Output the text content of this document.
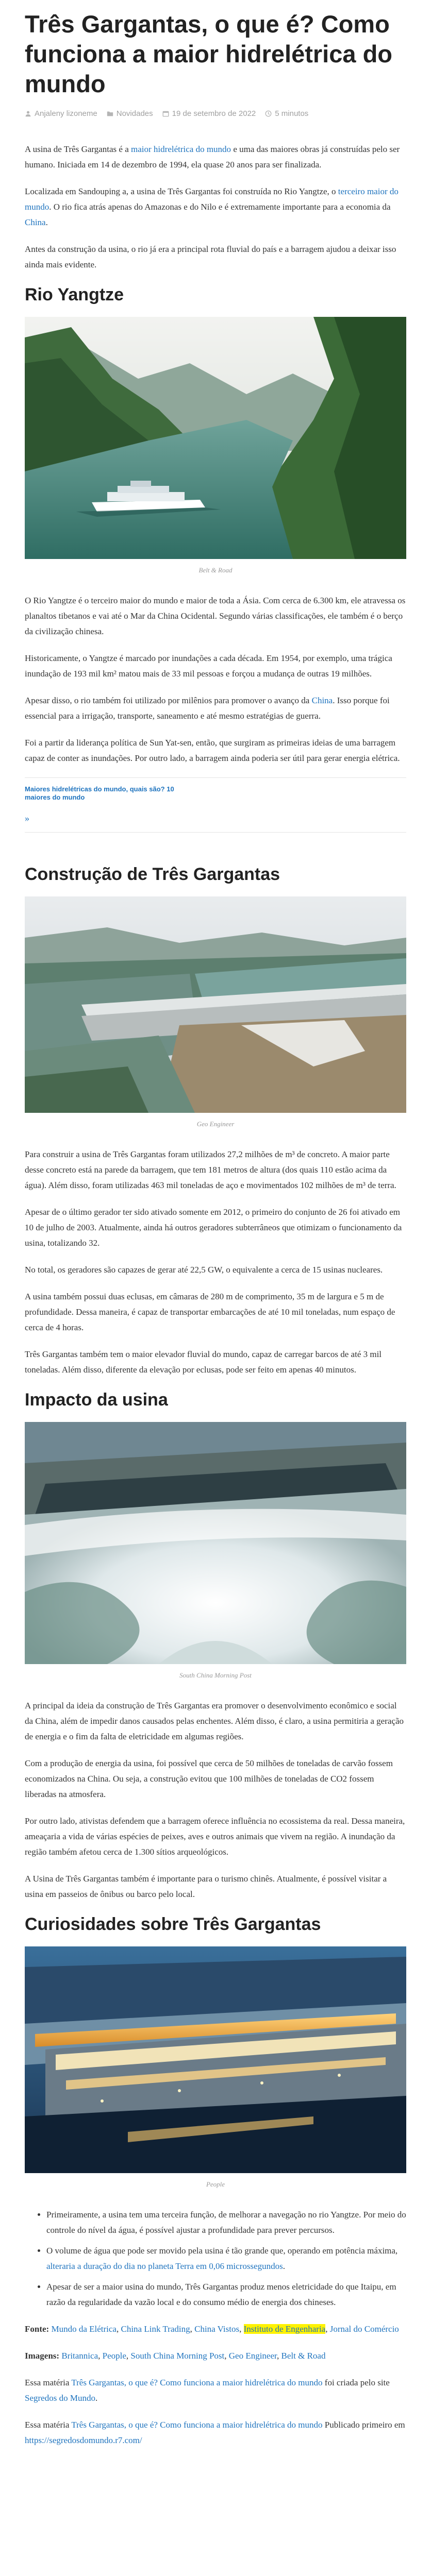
Três Gargantas, o que é? Como funciona a maior hidrelétrica do mundo
Anjaleny lizoneme Novidades 19 de setembro de 2022 5 minutos

A usina de Três Gargantas é a maior hidrelétrica do mundo e uma das maiores obras já construídas pelo ser humano. Iniciada em 14 de dezembro de 1994, ela quase 20 anos para ser finalizada.

Localizada em Sandouping a, a usina de Três Gargantas foi construída no Rio Yangtze, o terceiro maior do mundo. O rio fica atrás apenas do Amazonas e do Nilo e é extremamente importante para a economia da China.

Antes da construção da usina, o rio já era a principal rota fluvial do país e a barragem ajudou a deixar isso ainda mais evidente.

Rio Yangtze
Belt & Road

O Rio Yangtze é o terceiro maior do mundo e maior de toda a Ásia. Com cerca de 6.300 km, ele atravessa os planaltos tibetanos e vai até o Mar da China Ocidental. Segundo várias classificações, ele também é o berço da civilização chinesa.

Historicamente, o Yangtze é marcado por inundações a cada década. Em 1954, por exemplo, uma trágica inundação de 193 mil km² matou mais de 33 mil pessoas e forçou a mudança de outras 19 milhões.

Apesar disso, o rio também foi utilizado por milênios para promover o avanço da China. Isso porque foi essencial para a irrigação, transporte, saneamento e até mesmo estratégias de guerra.

Foi a partir da liderança política de Sun Yat-sen, então, que surgiram as primeiras ideias de uma barragem capaz de conter as inundações. Por outro lado, a barragem ainda poderia ser útil para gerar energia elétrica.

Maiores hidrelétricas do mundo, quais são? 10 maiores do mundo
»
Construção de Três Gargantas
Geo Engineer

Para construir a usina de Três Gargantas foram utilizados 27,2 milhões de m³ de concreto. A maior parte desse concreto está na parede da barragem, que tem 181 metros de altura (dos quais 110 estão acima da água). Além disso, foram utilizadas 463 mil toneladas de aço e movimentados 102 milhões de m³ de terra.

Apesar de o último gerador ter sido ativado somente em 2012, o primeiro do conjunto de 26 foi ativado em 10 de julho de 2003. Atualmente, ainda há outros geradores subterrâneos que otimizam o funcionamento da usina, totalizando 32.

No total, os geradores são capazes de gerar até 22,5 GW, o equivalente a cerca de 15 usinas nucleares.

A usina também possui duas eclusas, em câmaras de 280 m de comprimento, 35 m de largura e 5 m de profundidade. Dessa maneira, é capaz de transportar embarcações de até 10 mil toneladas, num espaço de cerca de 4 horas.

Três Gargantas também tem o maior elevador fluvial do mundo, capaz de carregar barcos de até 3 mil toneladas. Além disso, diferente da elevação por eclusas, pode ser feito em apenas 40 minutos.

Impacto da usina
South China Morning Post

A principal da ideia da construção de Três Gargantas era promover o desenvolvimento econômico e social da China, além de impedir danos causados pelas enchentes. Além disso, é claro, a usina permitiria a geração de energia e o fim da falta de eletricidade em algumas regiões.

Com a produção de energia da usina, foi possível que cerca de 50 milhões de toneladas de carvão fossem economizados na China. Ou seja, a construção evitou que 100 milhões de toneladas de CO2 fossem liberadas na atmosfera.

Por outro lado, ativistas defendem que a barragem oferece influência no ecossistema da real. Dessa maneira, ameaçaria a vida de várias espécies de peixes, aves e outros animais que vivem na região. A inundação da região também afetou cerca de 1.300 sítios arqueológicos.

A Usina de Três Gargantas também é importante para o turismo chinês. Atualmente, é possível visitar a usina em passeios de ônibus ou barco pelo local.

Curiosidades sobre Três Gargantas
People
• Primeiramente, a usina tem uma terceira função, de melhorar a navegação no rio Yangtze. Por meio do controle do nível da água, é possível ajustar a profundidade para prever percursos.
• O volume de água que pode ser movido pela usina é tão grande que, operando em potência máxima, alteraria a duração do dia no planeta Terra em 0,06 microssegundos.
• Apesar de ser a maior usina do mundo, Três Gargantas produz menos eletricidade do que Itaipu, em razão da regularidade da vazão local e do consumo médio de energia dos chineses.

Fonte: Mundo da Elétrica, China Link Trading, China Vistos, Instituto de Engenharia, Jornal do Comércio

Imagens: Britannica, People, South China Morning Post, Geo Engineer, Belt & Road

Essa matéria Três Gargantas, o que é? Como funciona a maior hidrelétrica do mundo foi criada pelo site Segredos do Mundo.

Essa matéria Três Gargantas, o que é? Como funciona a maior hidrelétrica do mundo Publicado primeiro em https://segredosdomundo.r7.com/
